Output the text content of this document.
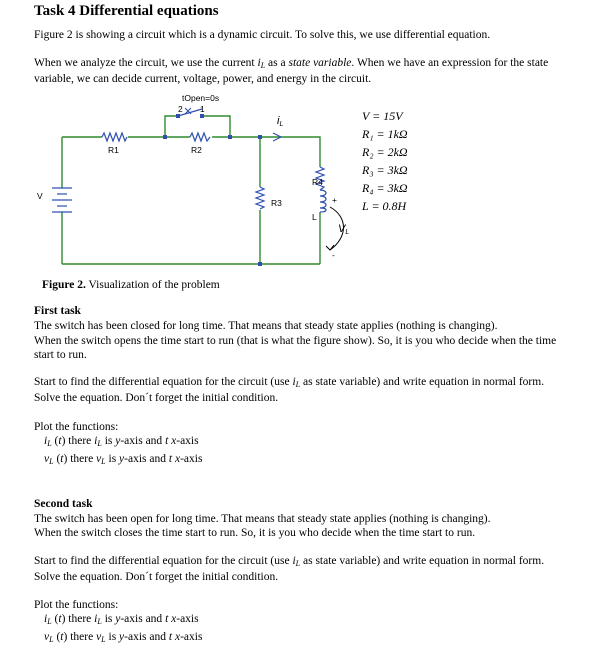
Task 4 Differential equations
Figure 2 is showing a circuit which is a dynamic circuit. To solve this, we use differential equation.
When we analyze the circuit, we use the current $i_L$ as a state variable. When we have an expression for the state
variable, we can decide current, voltage, power, and energy in the circuit.
tOpen=0s
2 1
R1	R2
R3
R4
V
L
+
-
iL
VL
V = 15V
R₁ = 1kΩ
R₂ = 2kΩ
R₃ = 3kΩ
R₄ = 3kΩ
L = 0.8H
Figure 2. Visualization of the problem
First task
The switch has been closed for long time. That means that steady state applies (nothing is changing).
When the switch opens the time start to run (that is what the figure show). So, it is you who decide when the time
start to run.
Start to find the differential equation for the circuit (use $i_L$ as state variable) and write equation in normal form.
Solve the equation. Don´t forget the initial condition.
Plot the functions:
$i_L$ (t) there $i_L$ is y-axis and t x-axis
$v_L$ (t) there $v_L$ is y-axis and t x-axis
Second task
The switch has been open for long time. That means that steady state applies (nothing is changing).
When the switch closes the time start to run. So, it is you who decide when the time start to run.
Start to find the differential equation for the circuit (use $i_L$ as state variable) and write equation in normal form.
Solve the equation. Don´t forget the initial condition.
Plot the functions:
$i_L$ (t) there $i_L$ is y-axis and t x-axis
$v_L$ (t) there $v_L$ is y-axis and t x-axis
